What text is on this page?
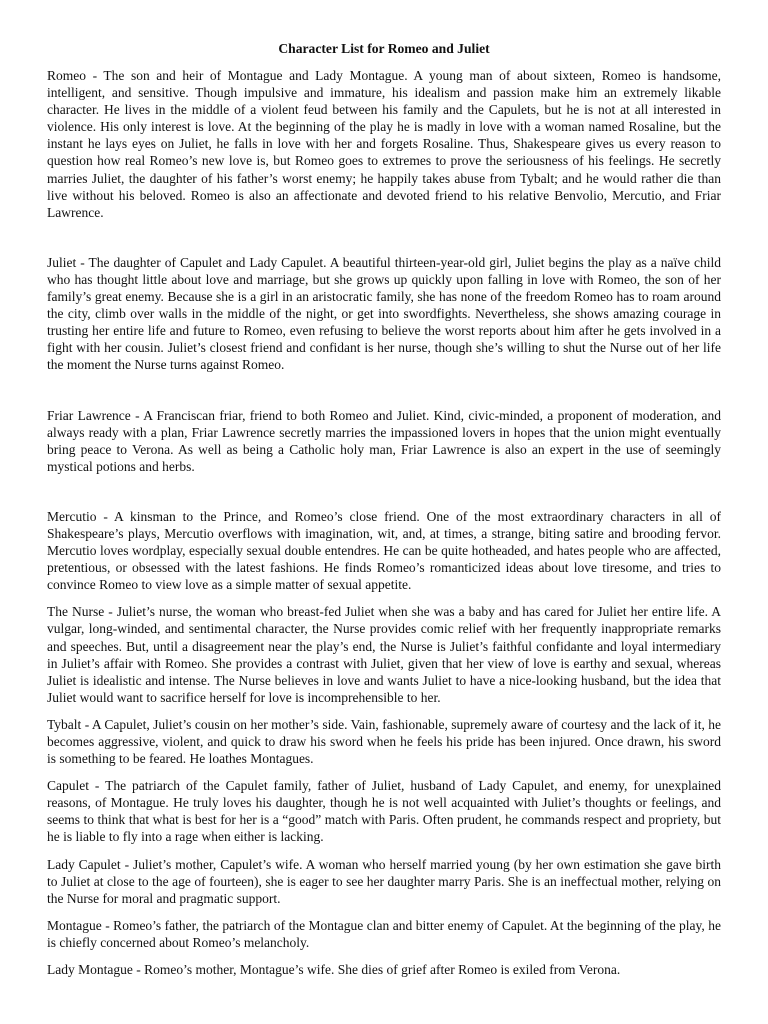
Character List for Romeo and Juliet

Romeo - The son and heir of Montague and Lady Montague. A young man of about sixteen, Romeo is handsome, intelligent, and sensitive. Though impulsive and immature, his idealism and passion make him an extremely likable character. He lives in the middle of a violent feud between his family and the Capulets, but he is not at all interested in violence. His only interest is love. At the beginning of the play he is madly in love with a woman named Rosaline, but the instant he lays eyes on Juliet, he falls in love with her and forgets Rosaline. Thus, Shakespeare gives us every reason to question how real Romeo’s new love is, but Romeo goes to extremes to prove the seriousness of his feelings. He secretly marries Juliet, the daughter of his father’s worst enemy; he happily takes abuse from Tybalt; and he would rather die than live without his beloved. Romeo is also an affectionate and devoted friend to his relative Benvolio, Mercutio, and Friar Lawrence.

Juliet - The daughter of Capulet and Lady Capulet. A beautiful thirteen-year-old girl, Juliet begins the play as a naïve child who has thought little about love and marriage, but she grows up quickly upon falling in love with Romeo, the son of her family’s great enemy. Because she is a girl in an aristocratic family, she has none of the freedom Romeo has to roam around the city, climb over walls in the middle of the night, or get into swordfights. Nevertheless, she shows amazing courage in trusting her entire life and future to Romeo, even refusing to believe the worst reports about him after he gets involved in a fight with her cousin. Juliet’s closest friend and confidant is her nurse, though she’s willing to shut the Nurse out of her life the moment the Nurse turns against Romeo.

Friar Lawrence - A Franciscan friar, friend to both Romeo and Juliet. Kind, civic-minded, a proponent of moderation, and always ready with a plan, Friar Lawrence secretly marries the impassioned lovers in hopes that the union might eventually bring peace to Verona. As well as being a Catholic holy man, Friar Lawrence is also an expert in the use of seemingly mystical potions and herbs.

Mercutio - A kinsman to the Prince, and Romeo’s close friend. One of the most extraordinary characters in all of Shakespeare’s plays, Mercutio overflows with imagination, wit, and, at times, a strange, biting satire and brooding fervor. Mercutio loves wordplay, especially sexual double entendres. He can be quite hotheaded, and hates people who are affected, pretentious, or obsessed with the latest fashions. He finds Romeo’s romanticized ideas about love tiresome, and tries to convince Romeo to view love as a simple matter of sexual appetite.

The Nurse - Juliet’s nurse, the woman who breast-fed Juliet when she was a baby and has cared for Juliet her entire life. A vulgar, long-winded, and sentimental character, the Nurse provides comic relief with her frequently inappropriate remarks and speeches. But, until a disagreement near the play’s end, the Nurse is Juliet’s faithful confidante and loyal intermediary in Juliet’s affair with Romeo. She provides a contrast with Juliet, given that her view of love is earthy and sexual, whereas Juliet is idealistic and intense. The Nurse believes in love and wants Juliet to have a nice-looking husband, but the idea that Juliet would want to sacrifice herself for love is incomprehensible to her.

Tybalt - A Capulet, Juliet’s cousin on her mother’s side. Vain, fashionable, supremely aware of courtesy and the lack of it, he becomes aggressive, violent, and quick to draw his sword when he feels his pride has been injured. Once drawn, his sword is something to be feared. He loathes Montagues.

Capulet - The patriarch of the Capulet family, father of Juliet, husband of Lady Capulet, and enemy, for unexplained reasons, of Montague. He truly loves his daughter, though he is not well acquainted with Juliet’s thoughts or feelings, and seems to think that what is best for her is a “good” match with Paris. Often prudent, he commands respect and propriety, but he is liable to fly into a rage when either is lacking.

Lady Capulet - Juliet’s mother, Capulet’s wife. A woman who herself married young (by her own estimation she gave birth to Juliet at close to the age of fourteen), she is eager to see her daughter marry Paris. She is an ineffectual mother, relying on the Nurse for moral and pragmatic support.

Montague - Romeo’s father, the patriarch of the Montague clan and bitter enemy of Capulet. At the beginning of the play, he is chiefly concerned about Romeo’s melancholy.

Lady Montague - Romeo’s mother, Montague’s wife. She dies of grief after Romeo is exiled from Verona.
